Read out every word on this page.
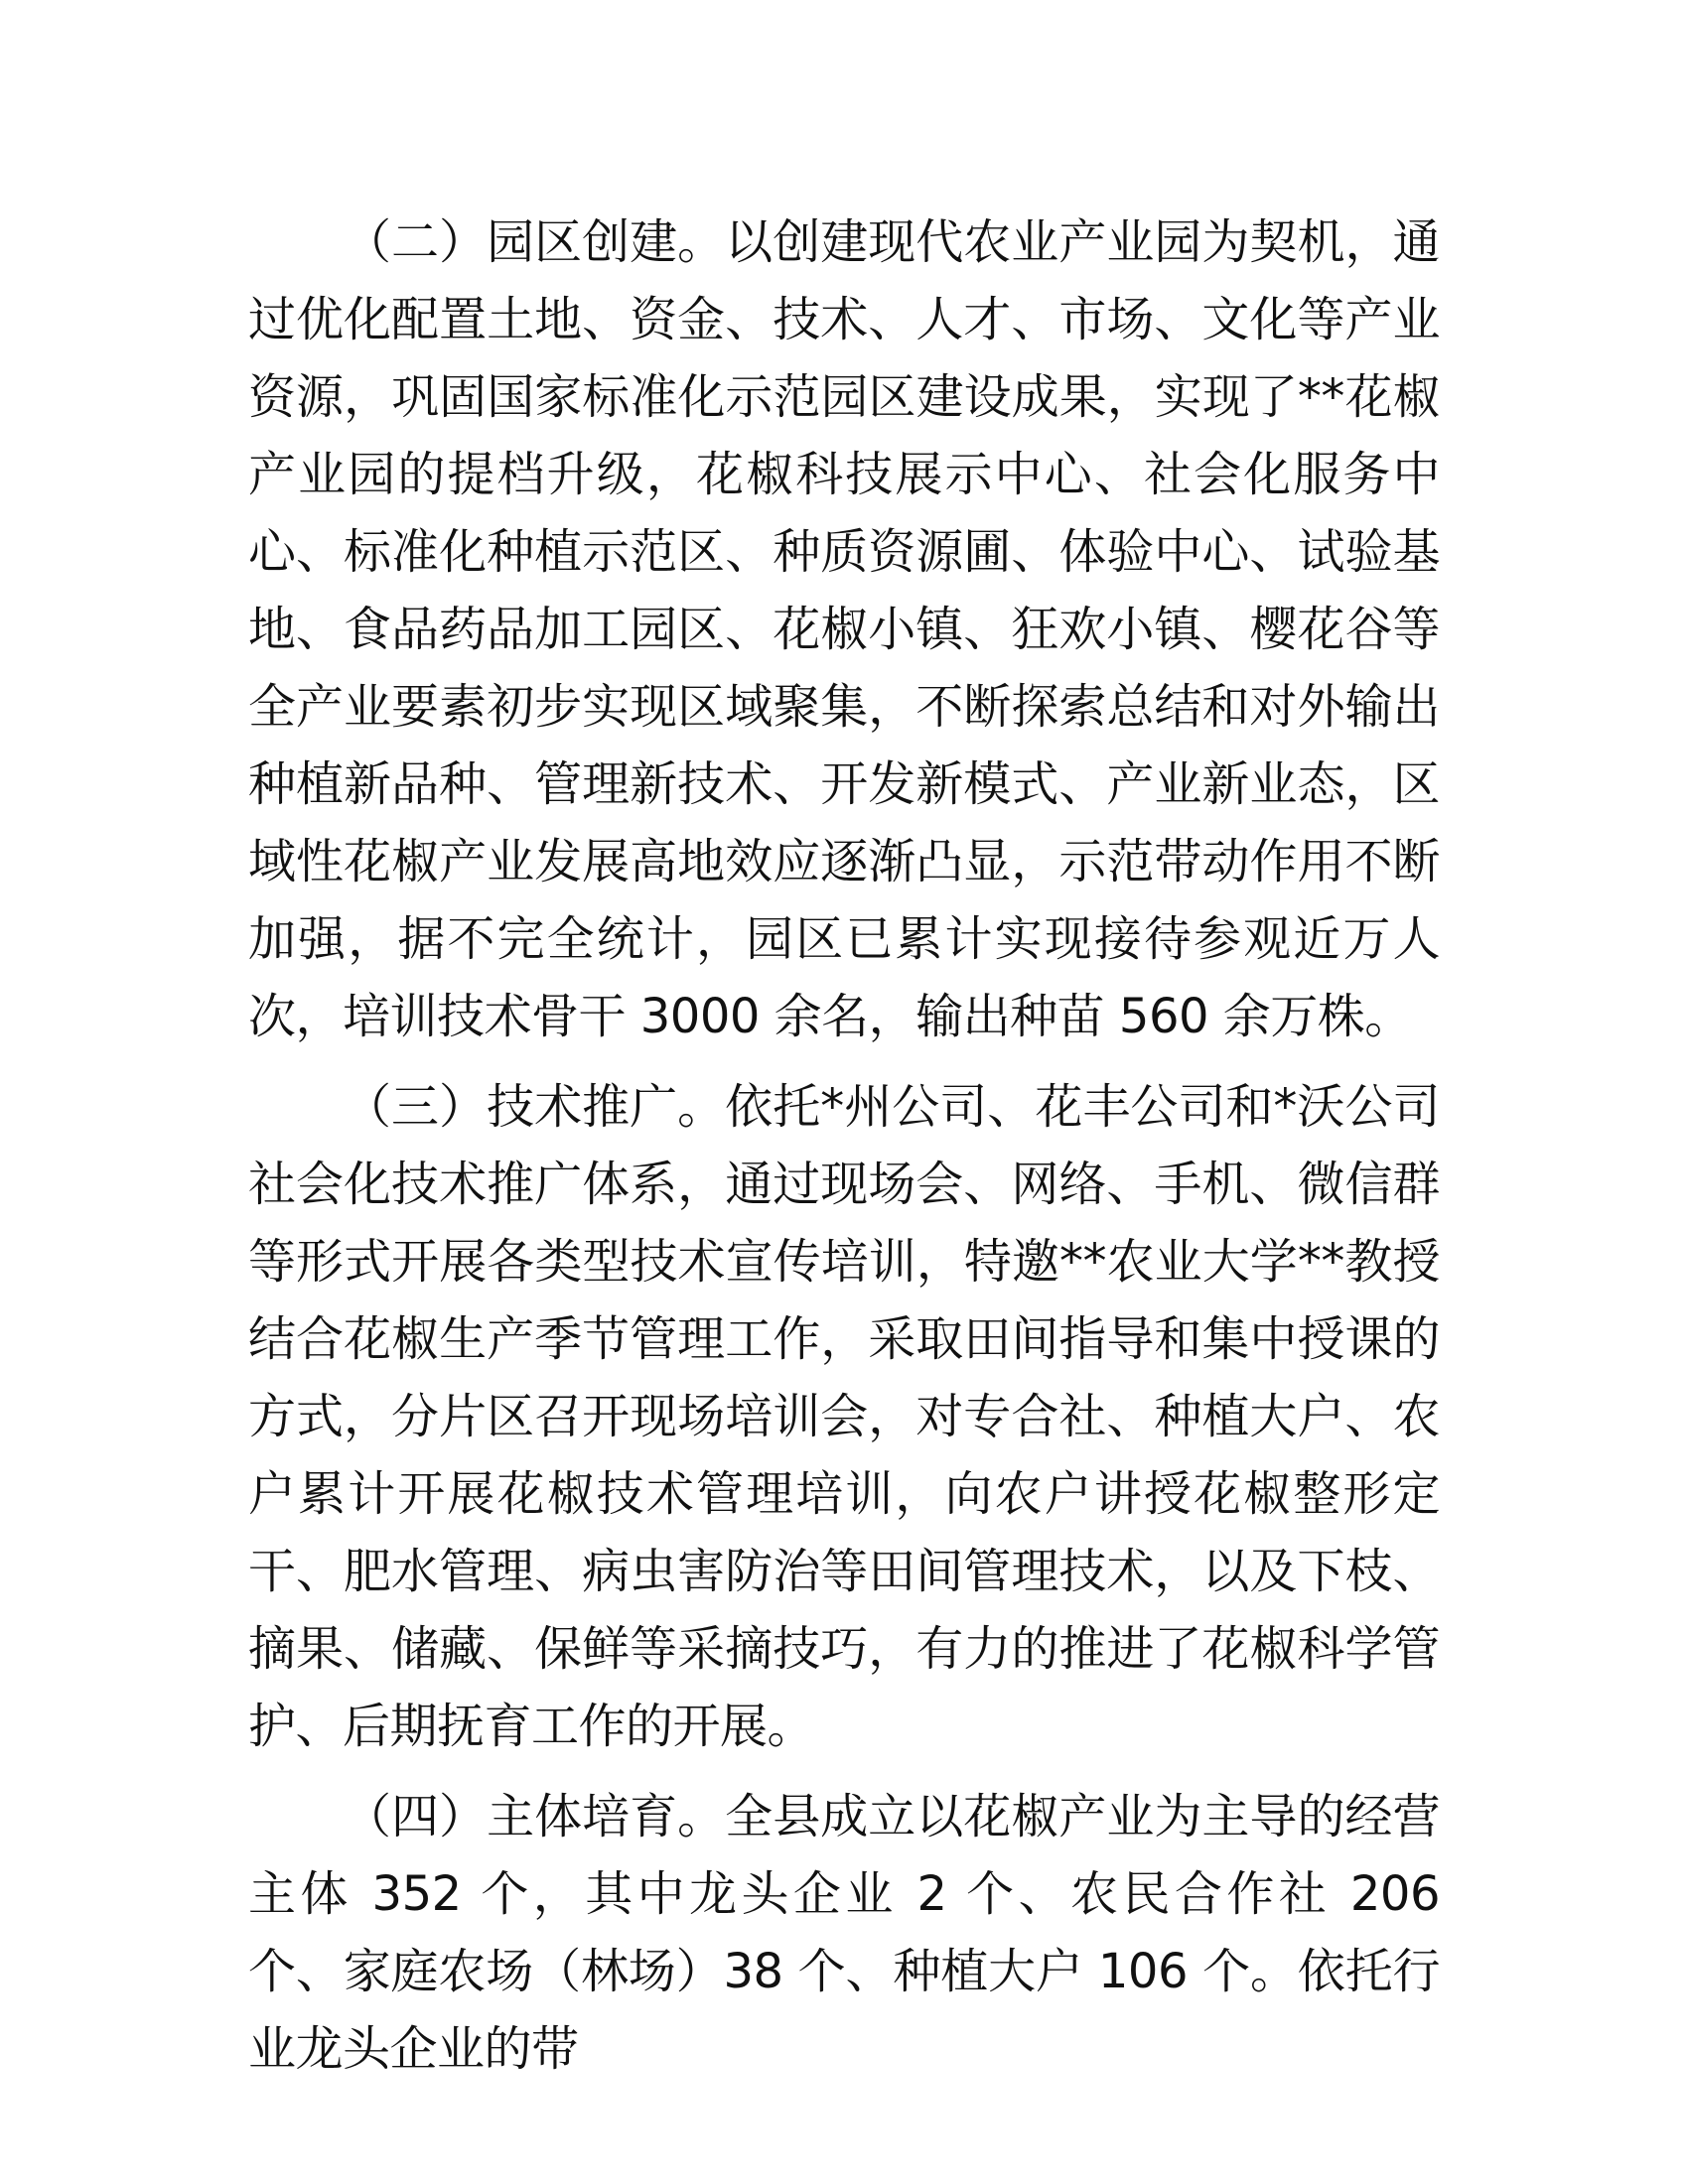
（二）园区创建。以创建现代农业产业园为契机，通过优化配置土地、资金、技术、人才、市场、文化等产业资源，巩固国家标准化示范园区建设成果，实现了**花椒产业园的提档升级，花椒科技展示中心、社会化服务中心、标准化种植示范区、种质资源圃、体验中心、试验基地、食品药品加工园区、花椒小镇、狂欢小镇、樱花谷等全产业要素初步实现区域聚集，不断探索总结和对外输出种植新品种、管理新技术、开发新模式、产业新业态，区域性花椒产业发展高地效应逐渐凸显，示范带动作用不断加强，据不完全统计，园区已累计实现接待参观近万人次，培训技术骨干 3000 余名，输出种苗 560 余万株。

（三）技术推广。依托*州公司、花丰公司和*沃公司社会化技术推广体系，通过现场会、网络、手机、微信群等形式开展各类型技术宣传培训，特邀**农业大学**教授结合花椒生产季节管理工作，采取田间指导和集中授课的方式，分片区召开现场培训会，对专合社、种植大户、农户累计开展花椒技术管理培训，向农户讲授花椒整形定干、肥水管理、病虫害防治等田间管理技术，以及下枝、摘果、储藏、保鲜等采摘技巧，有力的推进了花椒科学管护、后期抚育工作的开展。

（四）主体培育。全县成立以花椒产业为主导的经营主体 352 个，其中龙头企业 2 个、农民合作社 206 个、家庭农场（林场）38 个、种植大户 106 个。依托行业龙头企业的带
